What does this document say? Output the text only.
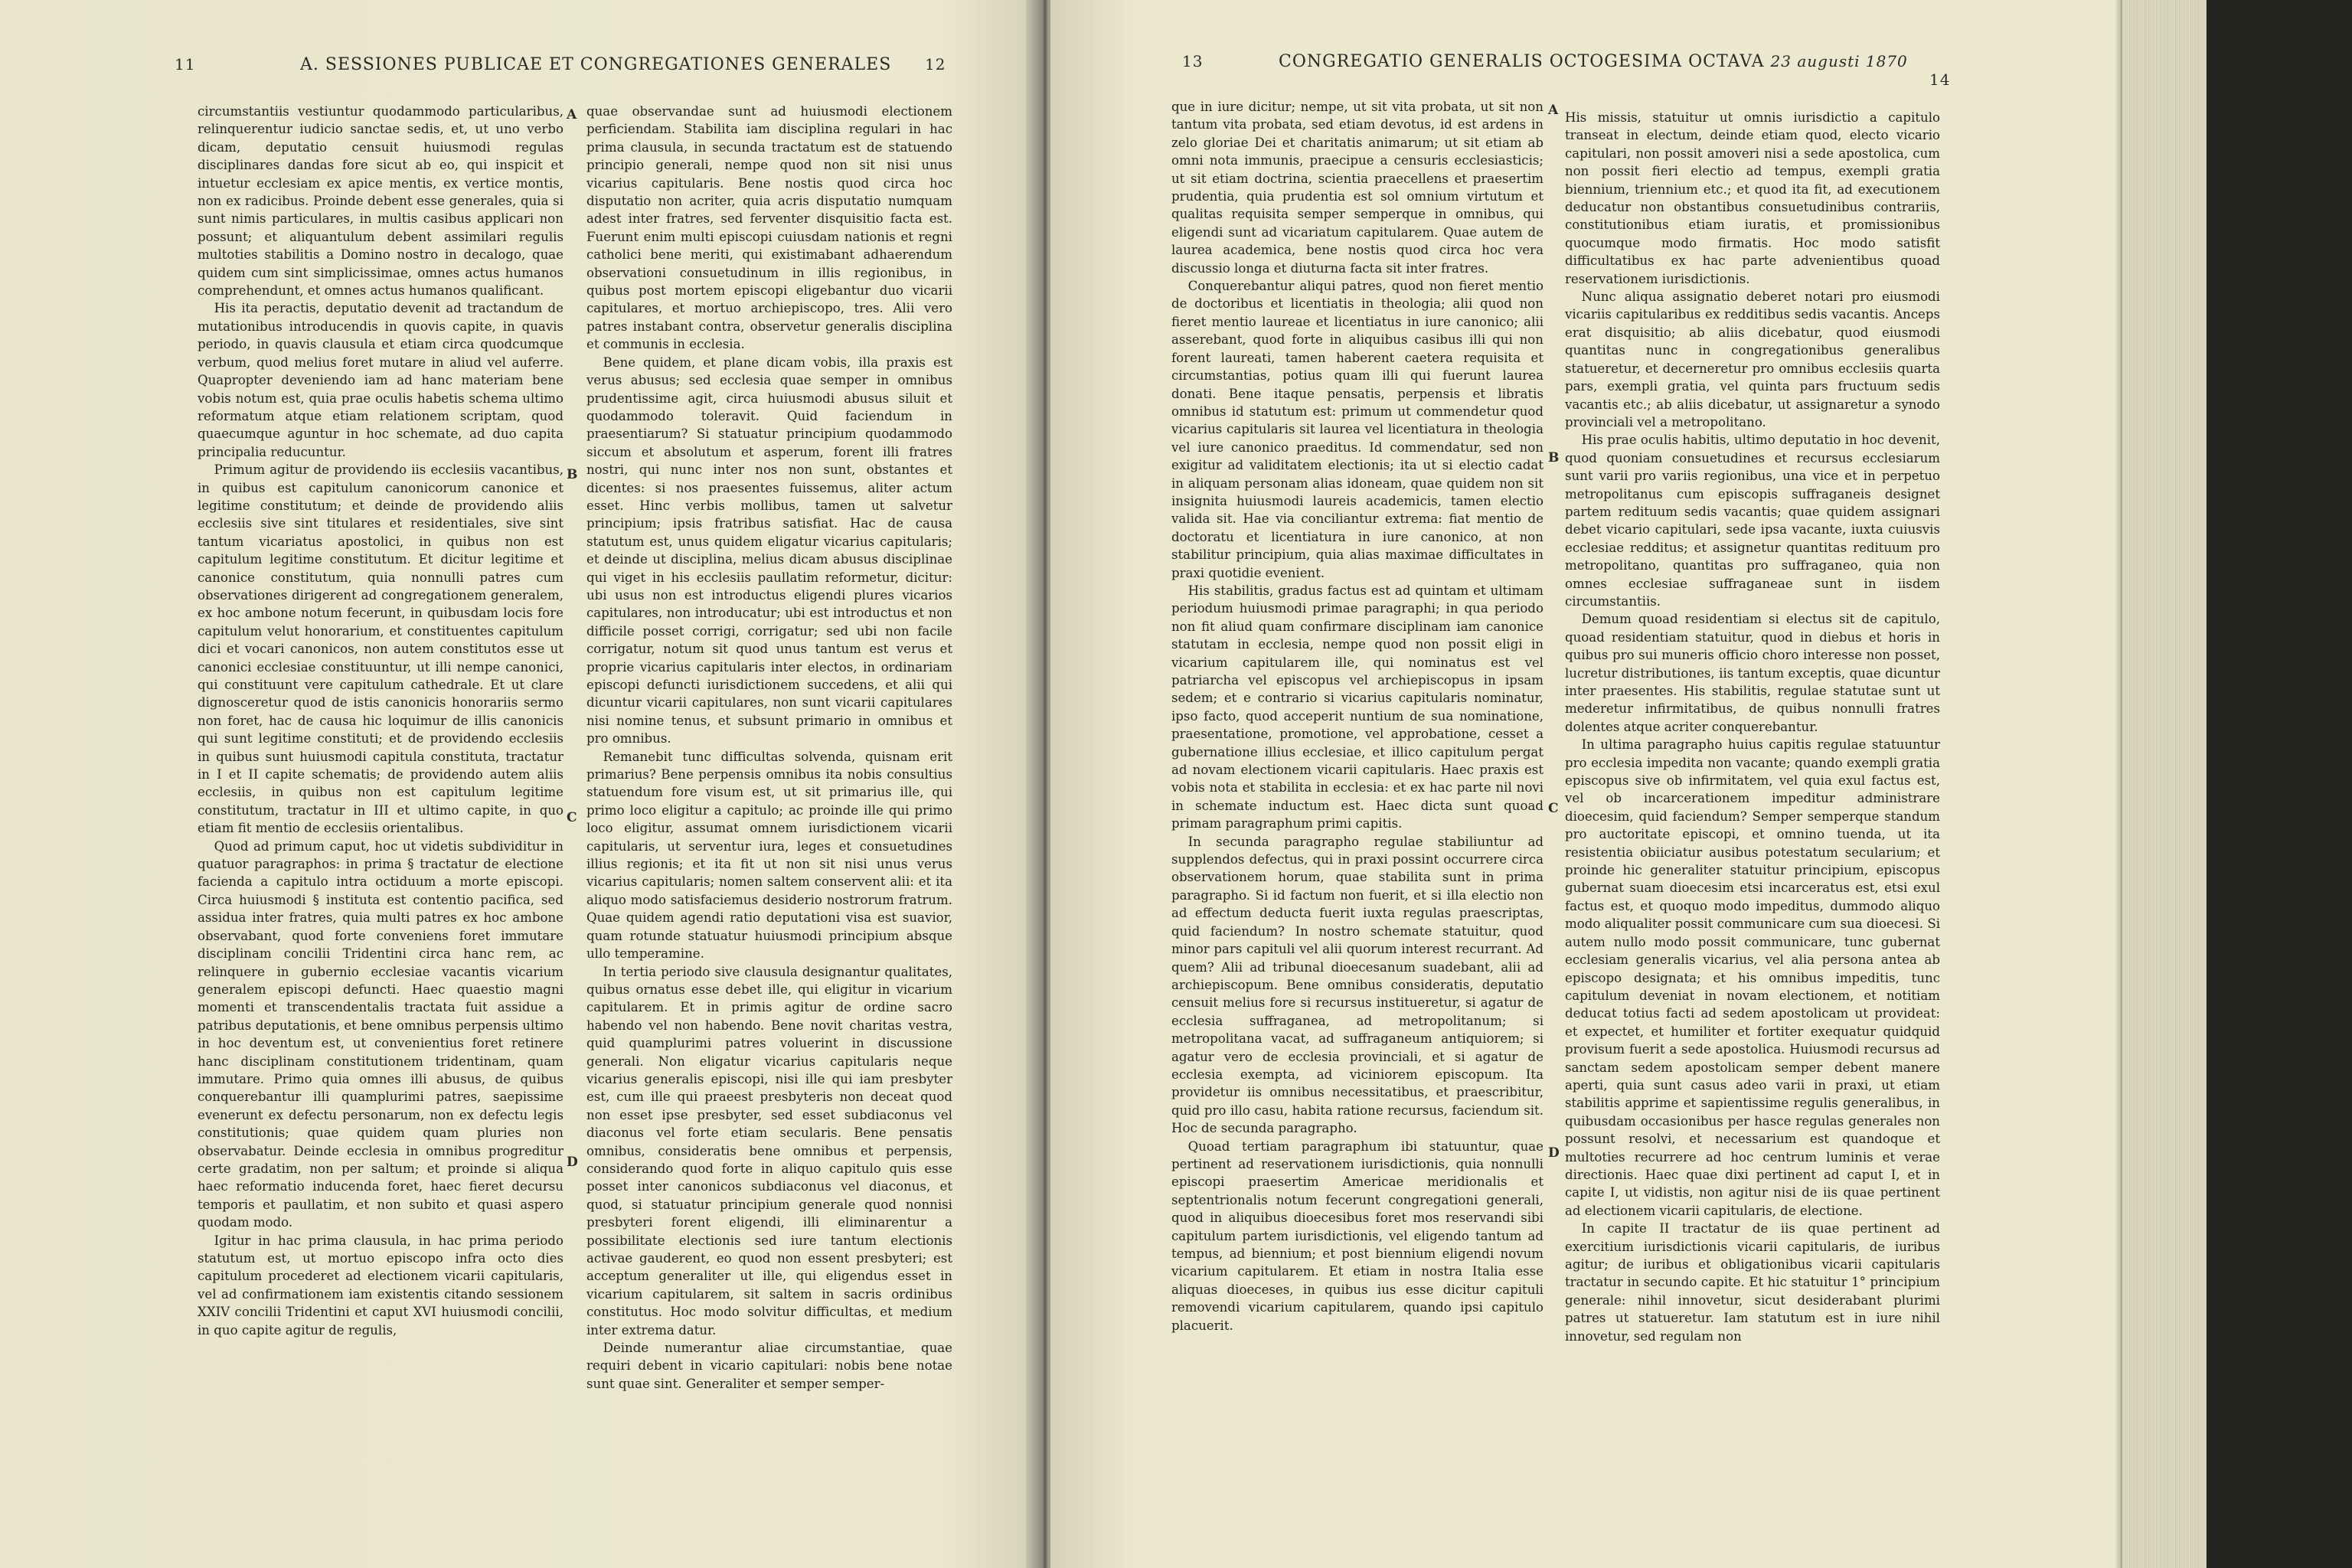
11	A. SESSIONES PUBLICAE ET CONGREGATIONES GENERALES 12

circumstantiis vestiuntur quodammodo particularibus, relinquerentur iudicio sanctae sedis, et, ut uno verbo dicam, deputatio censuit huiusmodi regulas disciplinares dandas fore sicut ab eo, qui inspicit et intuetur ecclesiam ex apice mentis, ex vertice montis, non ex radicibus. Proinde debent esse generales, quia si sunt nimis particulares, in multis casibus applicari non possunt; et aliquantulum debent assimilari regulis multoties stabilitis a Domino nostro in decalogo, quae quidem cum sint simplicissimae, omnes actus humanos comprehendunt, et omnes actus humanos qualificant.

His ita peractis, deputatio devenit ad tractandum de mutationibus introducendis in quovis capite, in quavis periodo, in quavis clausula et etiam circa quodcumque verbum, quod melius foret mutare in aliud vel auferre. Quapropter deveniendo iam ad hanc materiam bene vobis notum est, quia prae oculis habetis schema ultimo reformatum atque etiam relationem scriptam, quod quaecumque aguntur in hoc schemate, ad duo capita principalia reducuntur.

Primum agitur de providendo iis ecclesiis vacantibus, in quibus est capitulum canonicorum canonice et legitime constitutum; et deinde de providendo aliis ecclesiis sive sint titulares et residentiales, sive sint tantum vicariatus apostolici, in quibus non est capitulum legitime constitutum. Et dicitur legitime et canonice constitutum, quia nonnulli patres cum observationes dirigerent ad congregationem generalem, ex hoc ambone notum fecerunt, in quibusdam locis fore capitulum velut honorarium, et constituentes capitulum dici et vocari canonicos, non autem constitutos esse ut canonici ecclesiae constituuntur, ut illi nempe canonici, qui constituunt vere capitulum cathedrale. Et ut clare dignosceretur quod de istis canonicis honorariis sermo non foret, hac de causa hic loquimur de illis canonicis qui sunt legitime constituti; et de providendo ecclesiis in quibus sunt huiusmodi capitula constituta, tractatur in I et II capite schematis; de providendo autem aliis ecclesiis, in quibus non est capitulum legitime constitutum, tractatur in III et ultimo capite, in quo etiam fit mentio de ecclesiis orientalibus.

Quod ad primum caput, hoc ut videtis subdividitur in quatuor paragraphos: in prima § tractatur de electione facienda a capitulo intra octiduum a morte episcopi. Circa huiusmodi § instituta est contentio pacifica, sed assidua inter fratres, quia multi patres ex hoc ambone observabant, quod forte conveniens foret immutare disciplinam concilii Tridentini circa hanc rem, ac relinquere in gubernio ecclesiae vacantis vicarium generalem episcopi defuncti. Haec quaestio magni momenti et transcendentalis tractata fuit assidue a patribus deputationis, et bene omnibus perpensis ultimo in hoc deventum est, ut convenientius foret retinere hanc disciplinam constitutionem tridentinam, quam immutare. Primo quia omnes illi abusus, de quibus conquerebantur illi quamplurimi patres, saepissime evenerunt ex defectu personarum, non ex defectu legis constitutionis; quae quidem quam pluries non observabatur. Deinde ecclesia in omnibus progreditur certe gradatim, non per saltum; et proinde si aliqua haec reformatio inducenda foret, haec fieret decursu temporis et paullatim, et non subito et quasi aspero quodam modo.

Igitur in hac prima clausula, in hac prima periodo statutum est, ut mortuo episcopo infra octo dies capitulum procederet ad electionem vicarii capitularis, vel ad confirmationem iam existentis citando sessionem XXIV concilii Tridentini et caput XVI huiusmodi concilii, in quo capite agitur de regulis,

A
B
C
D

quae observandae sunt ad huiusmodi electionem perficiendam. Stabilita iam disciplina regulari in hac prima clausula, in secunda tractatum est de statuendo principio generali, nempe quod non sit nisi unus vicarius capitularis. Bene nostis quod circa hoc disputatio non acriter, quia acris disputatio numquam adest inter fratres, sed ferventer disquisitio facta est. Fuerunt enim multi episcopi cuiusdam nationis et regni catholici bene meriti, qui existimabant adhaerendum observationi consuetudinum in illis regionibus, in quibus post mortem episcopi eligebantur duo vicarii capitulares, et mortuo archiepiscopo, tres. Alii vero patres instabant contra, observetur generalis disciplina et communis in ecclesia.

Bene quidem, et plane dicam vobis, illa praxis est verus abusus; sed ecclesia quae semper in omnibus prudentissime agit, circa huiusmodi abusus siluit et quodammodo toleravit. Quid faciendum in praesentiarum? Si statuatur principium quodammodo siccum et absolutum et asperum, forent illi fratres nostri, qui nunc inter nos non sunt, obstantes et dicentes: si nos praesentes fuissemus, aliter actum esset. Hinc verbis mollibus, tamen ut salvetur principium; ipsis fratribus satisfiat. Hac de causa statutum est, unus quidem eligatur vicarius capitularis; et deinde ut disciplina, melius dicam abusus disciplinae qui viget in his ecclesiis paullatim reformetur, dicitur: ubi usus non est introductus eligendi plures vicarios capitulares, non introducatur; ubi est introductus et non difficile posset corrigi, corrigatur; sed ubi non facile corrigatur, notum sit quod unus tantum est verus et proprie vicarius capitularis inter electos, in ordinariam episcopi defuncti iurisdictionem succedens, et alii qui dicuntur vicarii capitulares, non sunt vicarii capitulares nisi nomine tenus, et subsunt primario in omnibus et pro omnibus.

Remanebit tunc difficultas solvenda, quisnam erit primarius? Bene perpensis omnibus ita nobis consultius statuendum fore visum est, ut sit primarius ille, qui primo loco eligitur a capitulo; ac proinde ille qui primo loco eligitur, assumat omnem iurisdictionem vicarii capitularis, ut serventur iura, leges et consuetudines illius regionis; et ita fit ut non sit nisi unus verus vicarius capitularis; nomen saltem conservent alii: et ita aliquo modo satisfaciemus desiderio nostrorum fratrum. Quae quidem agendi ratio deputationi visa est suavior, quam rotunde statuatur huiusmodi principium absque ullo temperamine.

In tertia periodo sive clausula designantur qualitates, quibus ornatus esse debet ille, qui eligitur in vicarium capitularem. Et in primis agitur de ordine sacro habendo vel non habendo. Bene novit charitas vestra, quid quamplurimi patres voluerint in discussione generali. Non eligatur vicarius capitularis neque vicarius generalis episcopi, nisi ille qui iam presbyter est, cum ille qui praeest presbyteris non deceat quod non esset ipse presbyter, sed esset subdiaconus vel diaconus vel forte etiam secularis. Bene pensatis omnibus, consideratis bene omnibus et perpensis, considerando quod forte in aliquo capitulo quis esse posset inter canonicos subdiaconus vel diaconus, et quod, si statuatur principium generale quod nonnisi presbyteri forent eligendi, illi eliminarentur a possibilitate electionis sed iure tantum electionis activae gauderent, eo quod non essent presbyteri; est acceptum generaliter ut ille, qui eligendus esset in vicarium capitularem, sit saltem in sacris ordinibus constitutus. Hoc modo solvitur difficultas, et medium inter extrema datur.

Deinde numerantur aliae circumstantiae, quae requiri debent in vicario capitulari: nobis bene notae sunt quae sint. Generaliter et semper semper-

13	CONGREGATIO GENERALIS OCTOGESIMA OCTAVA 23 augusti 1870
14

que in iure dicitur; nempe, ut sit vita probata, ut sit non tantum vita probata, sed etiam devotus, id est ardens in zelo gloriae Dei et charitatis animarum; ut sit etiam ab omni nota immunis, praecipue a censuris ecclesiasticis; ut sit etiam doctrina, scientia praecellens et praesertim prudentia, quia prudentia est sol omnium virtutum et qualitas requisita semper semperque in omnibus, qui eligendi sunt ad vicariatum capitularem. Quae autem de laurea academica, bene nostis quod circa hoc vera discussio longa et diuturna facta sit inter fratres.

Conquerebantur aliqui patres, quod non fieret mentio de doctoribus et licentiatis in theologia; alii quod non fieret mentio laureae et licentiatus in iure canonico; alii asserebant, quod forte in aliquibus casibus illi qui non forent laureati, tamen haberent caetera requisita et circumstantias, potius quam illi qui fuerunt laurea donati. Bene itaque pensatis, perpensis et libratis omnibus id statutum est: primum ut commendetur quod vicarius capitularis sit laurea vel licentiatura in theologia vel iure canonico praeditus. Id commendatur, sed non exigitur ad validitatem electionis; ita ut si electio cadat in aliquam personam alias idoneam, quae quidem non sit insignita huiusmodi laureis academicis, tamen electio valida sit. Hae via conciliantur extrema: fiat mentio de doctoratu et licentiatura in iure canonico, at non stabilitur principium, quia alias maximae difficultates in praxi quotidie evenient.

His stabilitis, gradus factus est ad quintam et ultimam periodum huiusmodi primae paragraphi; in qua periodo non fit aliud quam confirmare disciplinam iam canonice statutam in ecclesia, nempe quod non possit eligi in vicarium capitularem ille, qui nominatus est vel patriarcha vel episcopus vel archiepiscopus in ipsam sedem; et e contrario si vicarius capitularis nominatur, ipso facto, quod acceperit nuntium de sua nominatione, praesentatione, promotione, vel approbatione, cesset a gubernatione illius ecclesiae, et illico capitulum pergat ad novam electionem vicarii capitularis. Haec praxis est vobis nota et stabilita in ecclesia: et ex hac parte nil novi in schemate inductum est. Haec dicta sunt quoad primam paragraphum primi capitis.

In secunda paragrapho regulae stabiliuntur ad supplendos defectus, qui in praxi possint occurrere circa observationem horum, quae stabilita sunt in prima paragrapho. Si id factum non fuerit, et si illa electio non ad effectum deducta fuerit iuxta regulas praescriptas, quid faciendum? In nostro schemate statuitur, quod minor pars capituli vel alii quorum interest recurrant. Ad quem? Alii ad tribunal dioecesanum suadebant, alii ad archiepiscopum. Bene omnibus consideratis, deputatio censuit melius fore si recursus institueretur, si agatur de ecclesia suffraganea, ad metropolitanum; si metropolitana vacat, ad suffraganeum antiquiorem; si agatur vero de ecclesia provinciali, et si agatur de ecclesia exempta, ad viciniorem episcopum. Ita providetur iis omnibus necessitatibus, et praescribitur, quid pro illo casu, habita ratione recursus, faciendum sit. Hoc de secunda paragrapho.

Quoad tertiam paragraphum ibi statuuntur, quae pertinent ad reservationem iurisdictionis, quia nonnulli episcopi praesertim Americae meridionalis et septentrionalis notum fecerunt congregationi generali, quod in aliquibus dioecesibus foret mos reservandi sibi capitulum partem iurisdictionis, vel eligendo tantum ad tempus, ad biennium; et post biennium eligendi novum vicarium capitularem. Et etiam in nostra Italia esse aliquas dioeceses, in quibus ius esse dicitur capituli removendi vicarium capitularem, quando ipsi capitulo placuerit.

A
B
C
D

His missis, statuitur ut omnis iurisdictio a capitulo transeat in electum, deinde etiam quod, electo vicario capitulari, non possit amoveri nisi a sede apostolica, cum non possit fieri electio ad tempus, exempli gratia biennium, triennium etc.; et quod ita fit, ad executionem deducatur non obstantibus consuetudinibus contrariis, constitutionibus etiam iuratis, et promissionibus quocumque modo firmatis. Hoc modo satisfit difficultatibus ex hac parte advenientibus quoad reservationem iurisdictionis.

Nunc aliqua assignatio deberet notari pro eiusmodi vicariis capitularibus ex redditibus sedis vacantis. Anceps erat disquisitio; ab aliis dicebatur, quod eiusmodi quantitas nunc in congregationibus generalibus statueretur, et decerneretur pro omnibus ecclesiis quarta pars, exempli gratia, vel quinta pars fructuum sedis vacantis etc.; ab aliis dicebatur, ut assignaretur a synodo provinciali vel a metropolitano.

His prae oculis habitis, ultimo deputatio in hoc devenit, quod quoniam consuetudines et recursus ecclesiarum sunt varii pro variis regionibus, una vice et in perpetuo metropolitanus cum episcopis suffraganeis designet partem redituum sedis vacantis; quae quidem assignari debet vicario capitulari, sede ipsa vacante, iuxta cuiusvis ecclesiae redditus; et assignetur quantitas redituum pro metropolitano, quantitas pro suffraganeo, quia non omnes ecclesiae suffraganeae sunt in iisdem circumstantiis.

Demum quoad residentiam si electus sit de capitulo, quoad residentiam statuitur, quod in diebus et horis in quibus pro sui muneris officio choro interesse non posset, lucretur distributiones, iis tantum exceptis, quae dicuntur inter praesentes. His stabilitis, regulae statutae sunt ut mederetur infirmitatibus, de quibus nonnulli fratres dolentes atque acriter conquerebantur.

In ultima paragrapho huius capitis regulae statuuntur pro ecclesia impedita non vacante; quando exempli gratia episcopus sive ob infirmitatem, vel quia exul factus est, vel ob incarcerationem impeditur administrare dioecesim, quid faciendum? Semper semperque standum pro auctoritate episcopi, et omnino tuenda, ut ita resistentia obiiciatur ausibus potestatum secularium; et proinde hic generaliter statuitur principium, episcopus gubernat suam dioecesim etsi incarceratus est, etsi exul factus est, et quoquo modo impeditus, dummodo aliquo modo aliqualiter possit communicare cum sua dioecesi. Si autem nullo modo possit communicare, tunc gubernat ecclesiam generalis vicarius, vel alia persona antea ab episcopo designata; et his omnibus impeditis, tunc capitulum deveniat in novam electionem, et notitiam deducat totius facti ad sedem apostolicam ut provideat: et expectet, et humiliter et fortiter exequatur quidquid provisum fuerit a sede apostolica. Huiusmodi recursus ad sanctam sedem apostolicam semper debent manere aperti, quia sunt casus adeo varii in praxi, ut etiam stabilitis apprime et sapientissime regulis generalibus, in quibusdam occasionibus per hasce regulas generales non possunt resolvi, et necessarium est quandoque et multoties recurrere ad hoc centrum luminis et verae directionis. Haec quae dixi pertinent ad caput I, et in capite I, ut vidistis, non agitur nisi de iis quae pertinent ad electionem vicarii capitularis, de electione.

In capite II tractatur de iis quae pertinent ad exercitium iurisdictionis vicarii capitularis, de iuribus agitur; de iuribus et obligationibus vicarii capitularis tractatur in secundo capite. Et hic statuitur 1° principium generale: nihil innovetur, sicut desiderabant plurimi patres ut statueretur. Iam statutum est in iure nihil innovetur, sed regulam non
